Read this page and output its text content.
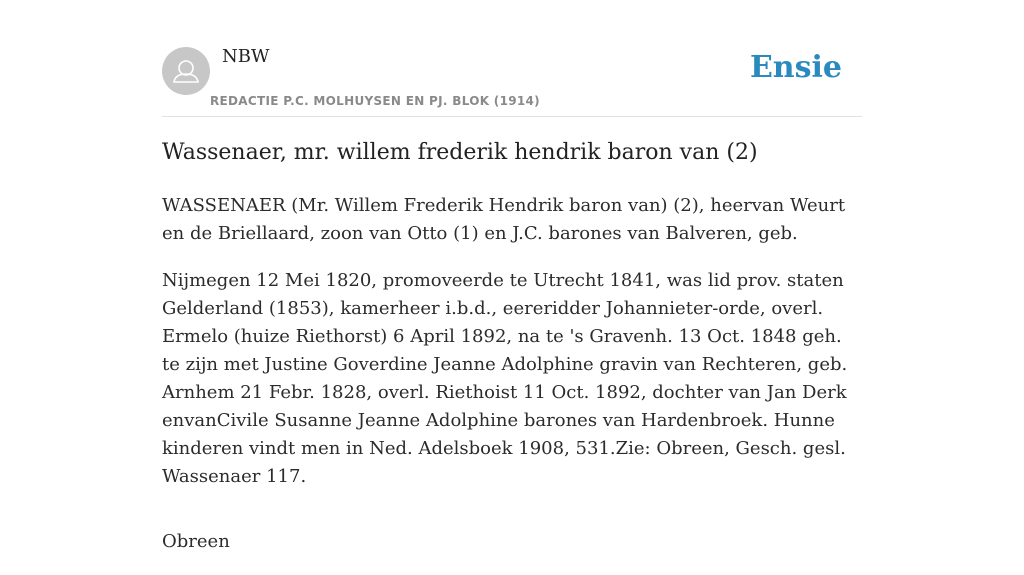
NBW
REDACTIE P.C. MOLHUYSEN EN PJ. BLOK (1914)
Ensie
Wassenaer, mr. willem frederik hendrik baron van (2)

WASSENAER (Mr. Willem Frederik Hendrik baron van) (2), heervan Weurt en de Briellaard, zoon van Otto (1) en J.C. barones van Balveren, geb.

Nijmegen 12 Mei 1820, promoveerde te Utrecht 1841, was lid prov. staten Gelderland (1853), kamerheer i.b.d., eereridder Johannieter-orde, overl. Ermelo (huize Riethorst) 6 April 1892, na te 's Gravenh. 13 Oct. 1848 geh. te zijn met Justine Goverdine Jeanne Adolphine gravin van Rechteren, geb. Arnhem 21 Febr. 1828, overl. Riethoist 11 Oct. 1892, dochter van Jan Derk envanCivile Susanne Jeanne Adolphine barones van Hardenbroek. Hunne kinderen vindt men in Ned. Adelsboek 1908, 531.Zie: Obreen, Gesch. gesl. Wassenaer 117.

Obreen
